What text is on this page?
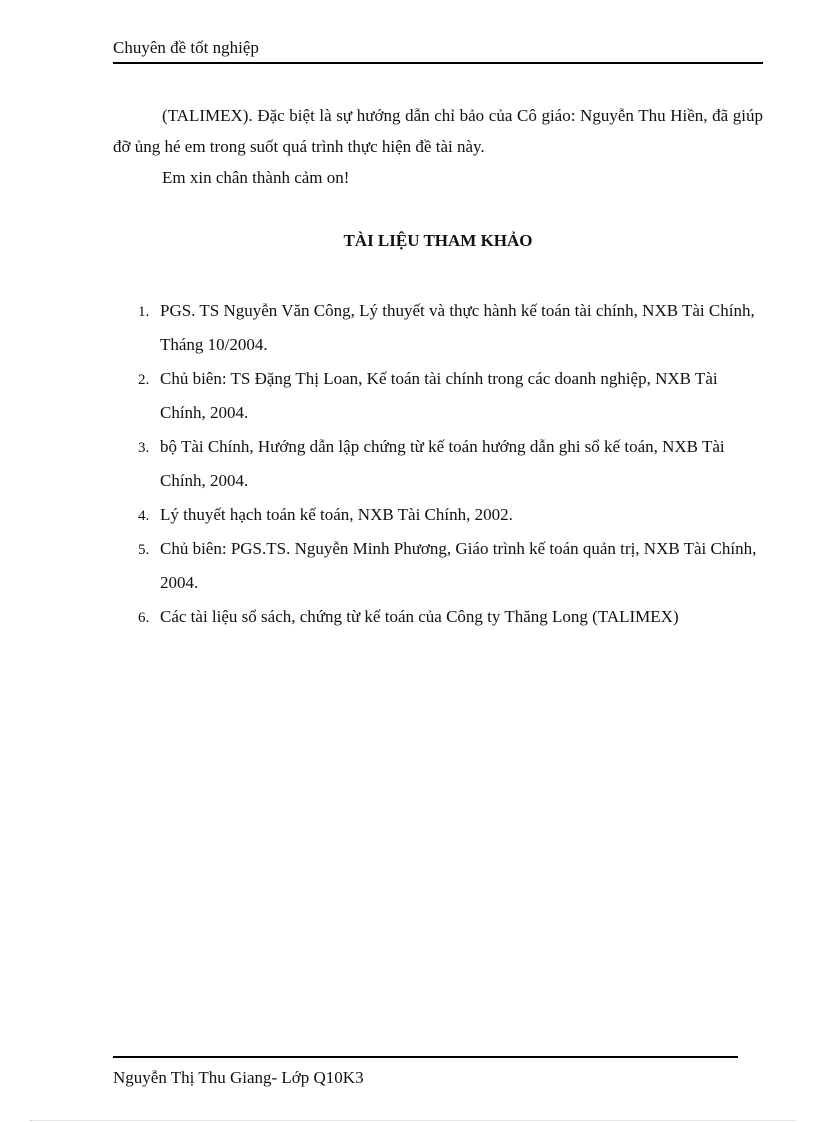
Chuyên đề tốt nghiệp

(TALIMEX). Đặc biệt là sự hướng dẫn chỉ bảo của Cô giáo: Nguyễn Thu Hiền, đã giúp đỡ ủng hé em trong suốt quá trình thực hiện đề tài này.

Em xin chân thành cảm on!

TÀI LIỆU THAM KHẢO
1. PGS. TS Nguyễn Văn Công, Lý thuyết và thực hành kế toán tài chính, NXB Tài Chính, Tháng 10/2004.
2. Chủ biên: TS Đặng Thị Loan, Kế toán tài chính trong các doanh nghiệp, NXB Tài Chính, 2004.
3. bộ Tài Chính, Hướng dẫn lập chứng từ kế toán hướng dẫn ghi sổ kế toán, NXB Tài Chính, 2004.
4. Lý thuyết hạch toán kế toán, NXB Tài Chính, 2002.
5. Chủ biên: PGS.TS. Nguyễn Minh Phương, Giáo trình kế toán quản trị, NXB Tài Chính, 2004.
6. Các tài liệu sổ sách, chứng từ kế toán của Công ty Thăng Long (TALIMEX)
Nguyễn Thị Thu Giang- Lớp Q10K3
